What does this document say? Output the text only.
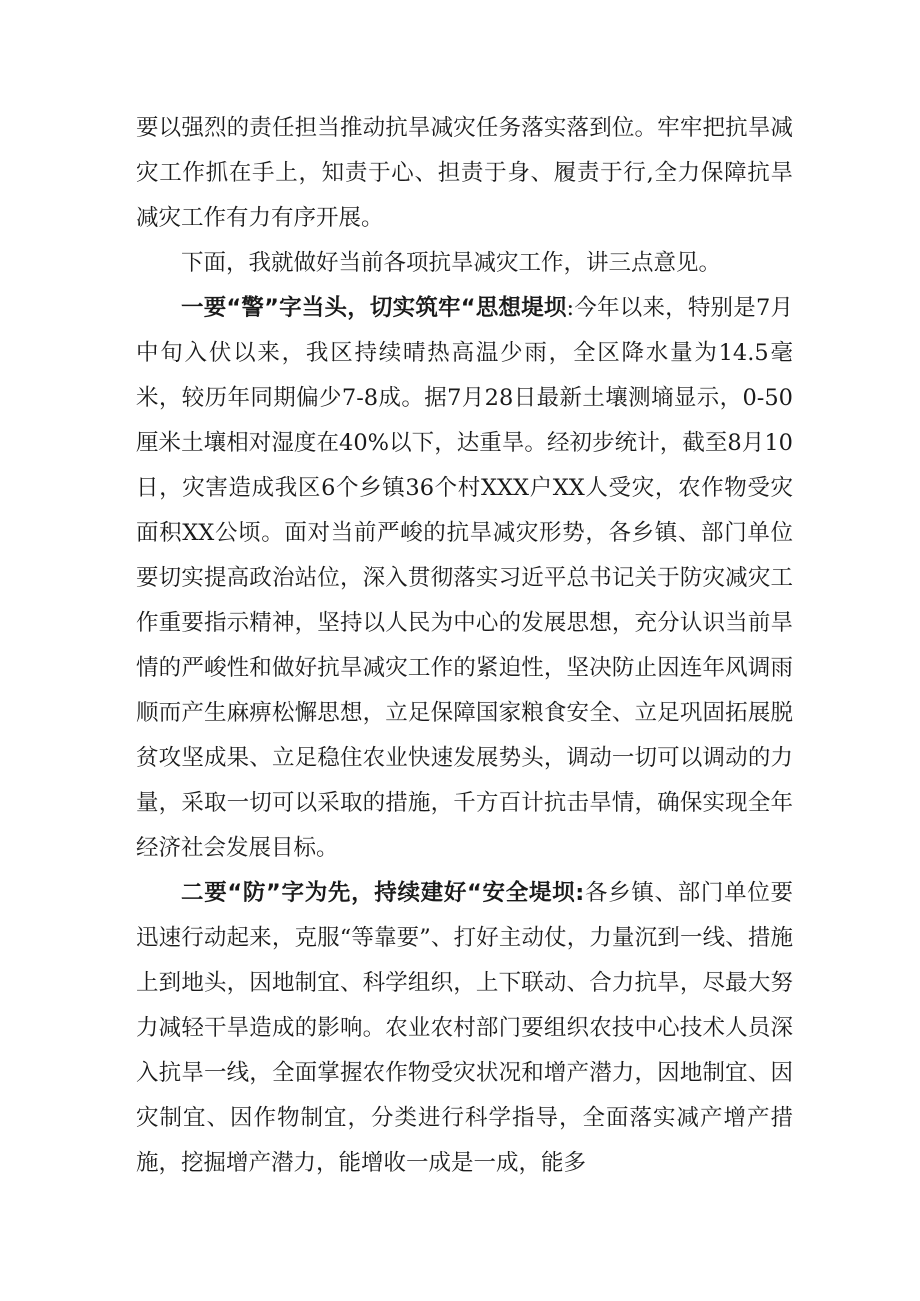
要以强烈的责任担当推动抗旱减灾任务落实落到位。牢牢把抗旱减灾工作抓在手上，知责于心、担责于身、履责于行,全力保障抗旱减灾工作有力有序开展。

下面，我就做好当前各项抗旱减灾工作，讲三点意见。

一要“警”字当头，切实筑牢“思想堤坝:今年以来，特别是7月中旬入伏以来，我区持续晴热高温少雨，全区降水量为14.5毫米，较历年同期偏少7-8成。据7月28日最新土壤测墒显示，0-50厘米土壤相对湿度在40%以下，达重旱。经初步统计，截至8月10日，灾害造成我区6个乡镇36个村XXX户XX人受灾，农作物受灾面积XX公顷。面对当前严峻的抗旱减灾形势，各乡镇、部门单位要切实提高政治站位，深入贯彻落实习近平总书记关于防灾减灾工作重要指示精神，坚持以人民为中心的发展思想，充分认识当前旱情的严峻性和做好抗旱减灾工作的紧迫性，坚决防止因连年风调雨顺而产生麻痹松懈思想，立足保障国家粮食安全、立足巩固拓展脱贫攻坚成果、立足稳住农业快速发展势头，调动一切可以调动的力量，采取一切可以采取的措施，千方百计抗击旱情，确保实现全年经济社会发展目标。

二要“防”字为先，持续建好“安全堤坝:各乡镇、部门单位要迅速行动起来，克服“等靠要”、打好主动仗，力量沉到一线、措施上到地头，因地制宜、科学组织，上下联动、合力抗旱，尽最大努力减轻干旱造成的影响。农业农村部门要组织农技中心技术人员深入抗旱一线，全面掌握农作物受灾状况和增产潜力，因地制宜、因灾制宜、因作物制宜，分类进行科学指导，全面落实减产增产措施，挖掘增产潜力，能增收一成是一成，能多
